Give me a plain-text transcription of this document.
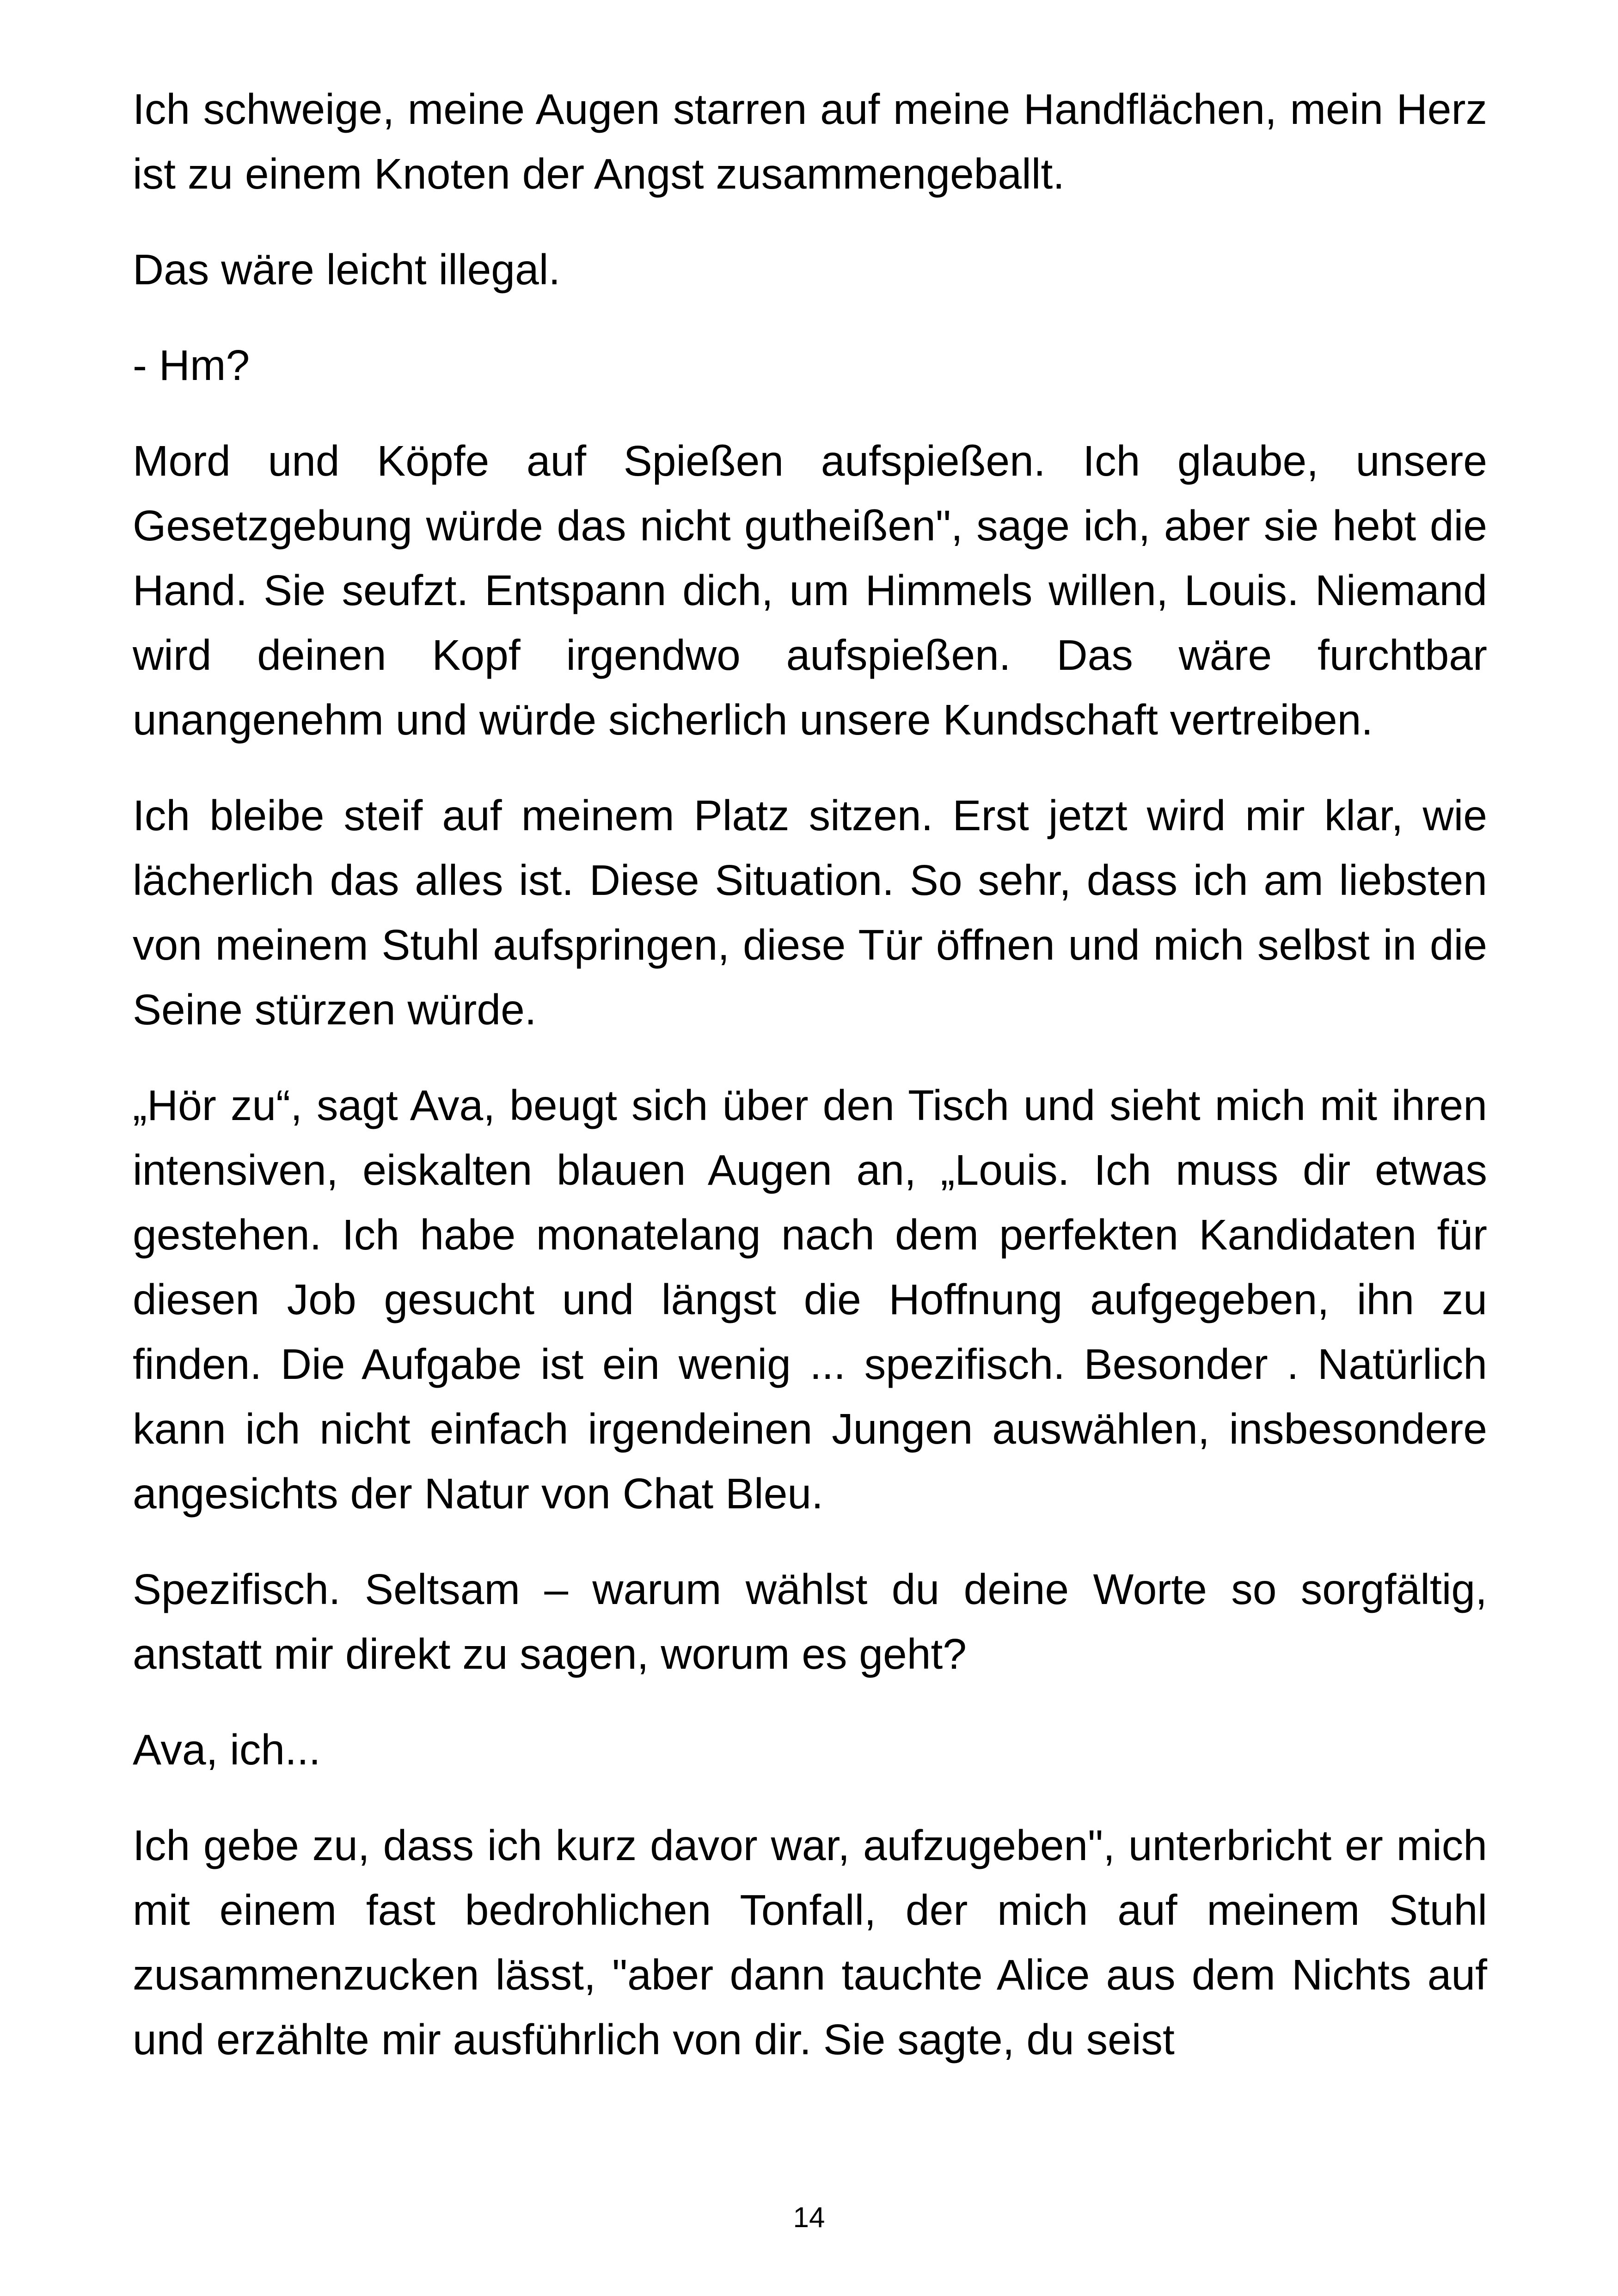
Ich schweige, meine Augen starren auf meine Handflächen, mein Herz ist zu einem Knoten der Angst zusammengeballt.

Das wäre leicht illegal.

- Hm?

Mord und Köpfe auf Spießen aufspießen. Ich glaube, unsere Gesetzgebung würde das nicht gutheißen", sage ich, aber sie hebt die Hand. Sie seufzt. Entspann dich, um Himmels willen, Louis. Niemand wird deinen Kopf irgendwo aufspießen. Das wäre furchtbar unangenehm und würde sicherlich unsere Kundschaft vertreiben.

Ich bleibe steif auf meinem Platz sitzen. Erst jetzt wird mir klar, wie lächerlich das alles ist. Diese Situation. So sehr, dass ich am liebsten von meinem Stuhl aufspringen, diese Tür öffnen und mich selbst in die Seine stürzen würde.

„Hör zu“, sagt Ava, beugt sich über den Tisch und sieht mich mit ihren intensiven, eiskalten blauen Augen an, „Louis. Ich muss dir etwas gestehen. Ich habe monatelang nach dem perfekten Kandidaten für diesen Job gesucht und längst die Hoffnung aufgegeben, ihn zu finden. Die Aufgabe ist ein wenig ... spezifisch. Besonder . Natürlich kann ich nicht einfach irgendeinen Jungen auswählen, insbesondere angesichts der Natur von Chat Bleu.

Spezifisch. Seltsam – warum wählst du deine Worte so sorgfältig, anstatt mir direkt zu sagen, worum es geht?

Ava, ich...

Ich gebe zu, dass ich kurz davor war, aufzugeben", unterbricht er mich mit einem fast bedrohlichen Tonfall, der mich auf meinem Stuhl zusammenzucken lässt, "aber dann tauchte Alice aus dem Nichts auf und erzählte mir ausführlich von dir. Sie sagte, du seist

14
